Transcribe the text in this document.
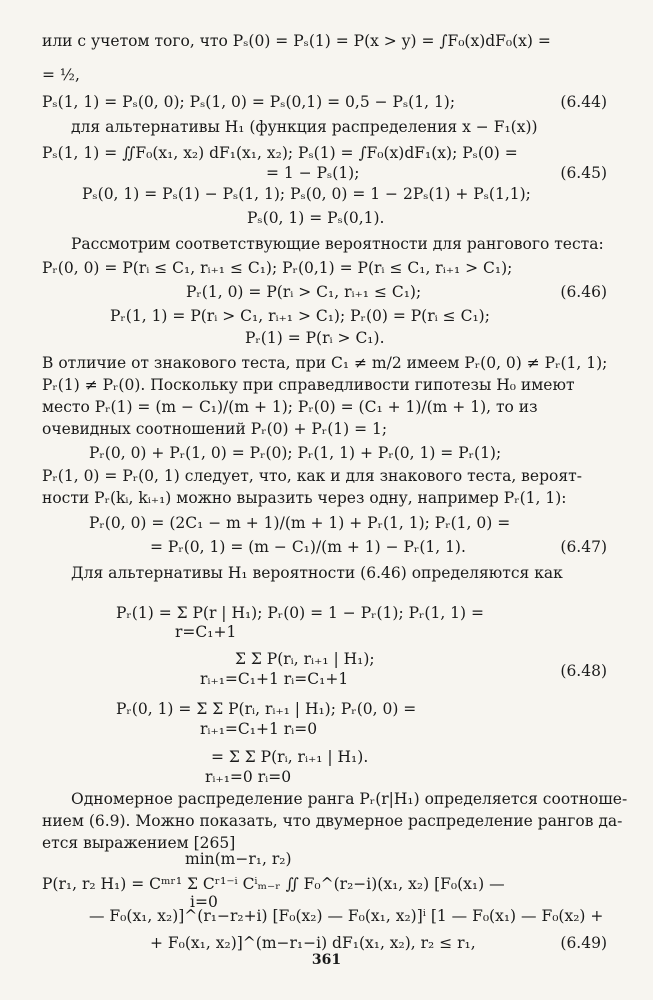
или с учетом того, что Pₛ(0) = Pₛ(1) = P(x > y) = ∫F₀(x)dF₀(x) =
= ½,
Pₛ(1, 1) = Pₛ(0, 0); Pₛ(1, 0) = Pₛ(0,1) = 0,5 − Pₛ(1, 1);
для альтернативы H₁ (функция распределения x − F₁(x))
Pₛ(1, 1) = ∬F₀(x₁, x₂) dF₁(x₁, x₂); Pₛ(1) = ∫F₀(x)dF₁(x); Pₛ(0) =
= 1 − Pₛ(1);
Pₛ(0, 1) = Pₛ(1) − Pₛ(1, 1); Pₛ(0, 0) = 1 − 2Pₛ(1) + Pₛ(1,1);
Pₛ(0, 1) = Pₛ(0,1).
Рассмотрим соответствующие вероятности для рангового теста:
Pᵣ(0, 0) = P(rᵢ ≤ C₁, rᵢ₊₁ ≤ C₁); Pᵣ(0,1) = P(rᵢ ≤ C₁, rᵢ₊₁ > C₁);
Pᵣ(1, 0) = P(rᵢ > C₁, rᵢ₊₁ ≤ C₁);
Pᵣ(1, 1) = P(rᵢ > C₁, rᵢ₊₁ > C₁); Pᵣ(0) = P(rᵢ ≤ C₁);
Pᵣ(1) = P(rᵢ > C₁).
В отличие от знакового теста, при C₁ ≠ m/2 имеем Pᵣ(0, 0) ≠ Pᵣ(1, 1);
Pᵣ(1) ≠ Pᵣ(0). Поскольку при справедливости гипотезы H₀ имеют
место Pᵣ(1) = (m − C₁)/(m + 1); Pᵣ(0) = (C₁ + 1)/(m + 1), то из
очевидных соотношений Pᵣ(0) + Pᵣ(1) = 1;
Pᵣ(0, 0) + Pᵣ(1, 0) = Pᵣ(0); Pᵣ(1, 1) + Pᵣ(0, 1) = Pᵣ(1);
Pᵣ(1, 0) = Pᵣ(0, 1) следует, что, как и для знакового теста, вероят-
ности Pᵣ(kᵢ, kᵢ₊₁) можно выразить через одну, например Pᵣ(1, 1):
Pᵣ(0, 0) = (2C₁ − m + 1)/(m + 1) + Pᵣ(1, 1); Pᵣ(1, 0) =
= Pᵣ(0, 1) = (m − C₁)/(m + 1) − Pᵣ(1, 1).
Для альтернативы H₁ вероятности (6.46) определяются как
Pᵣ(1) = Σ P(r | H₁); Pᵣ(0) = 1 − Pᵣ(1); Pᵣ(1, 1) =
r=C₁+1
Σ Σ P(rᵢ, rᵢ₊₁ | H₁);
rᵢ₊₁=C₁+1 rᵢ=C₁+1
Pᵣ(0, 1) = Σ Σ P(rᵢ, rᵢ₊₁ | H₁); Pᵣ(0, 0) =
rᵢ₊₁=C₁+1 rᵢ=0
= Σ Σ P(rᵢ, rᵢ₊₁ | H₁).
rᵢ₊₁=0 rᵢ=0
Одномерное распределение ранга Pᵣ(r|H₁) определяется соотноше-
нием (6.9). Можно показать, что двумерное распределение рангов да-
ется выражением [265]
P(r₁, r₂ H₁) = Cᵐʳ¹ Σ Cʳ¹⁻ⁱ Cⁱₘ₋ᵣ ∬ F₀^(r₂−i)(x₁, x₂) [F₀(x₁) —
min(m−r₁, r₂)
i=0
— F₀(x₁, x₂)]^(r₁−r₂+i) [F₀(x₂) — F₀(x₁, x₂)]ⁱ [1 — F₀(x₁) — F₀(x₂) +
+ F₀(x₁, x₂)]^(m−r₁−i) dF₁(x₁, x₂), r₂ ≤ r₁,
(6.44)
(6.45)
(6.46)
(6.47)
(6.48)
(6.49)
361
